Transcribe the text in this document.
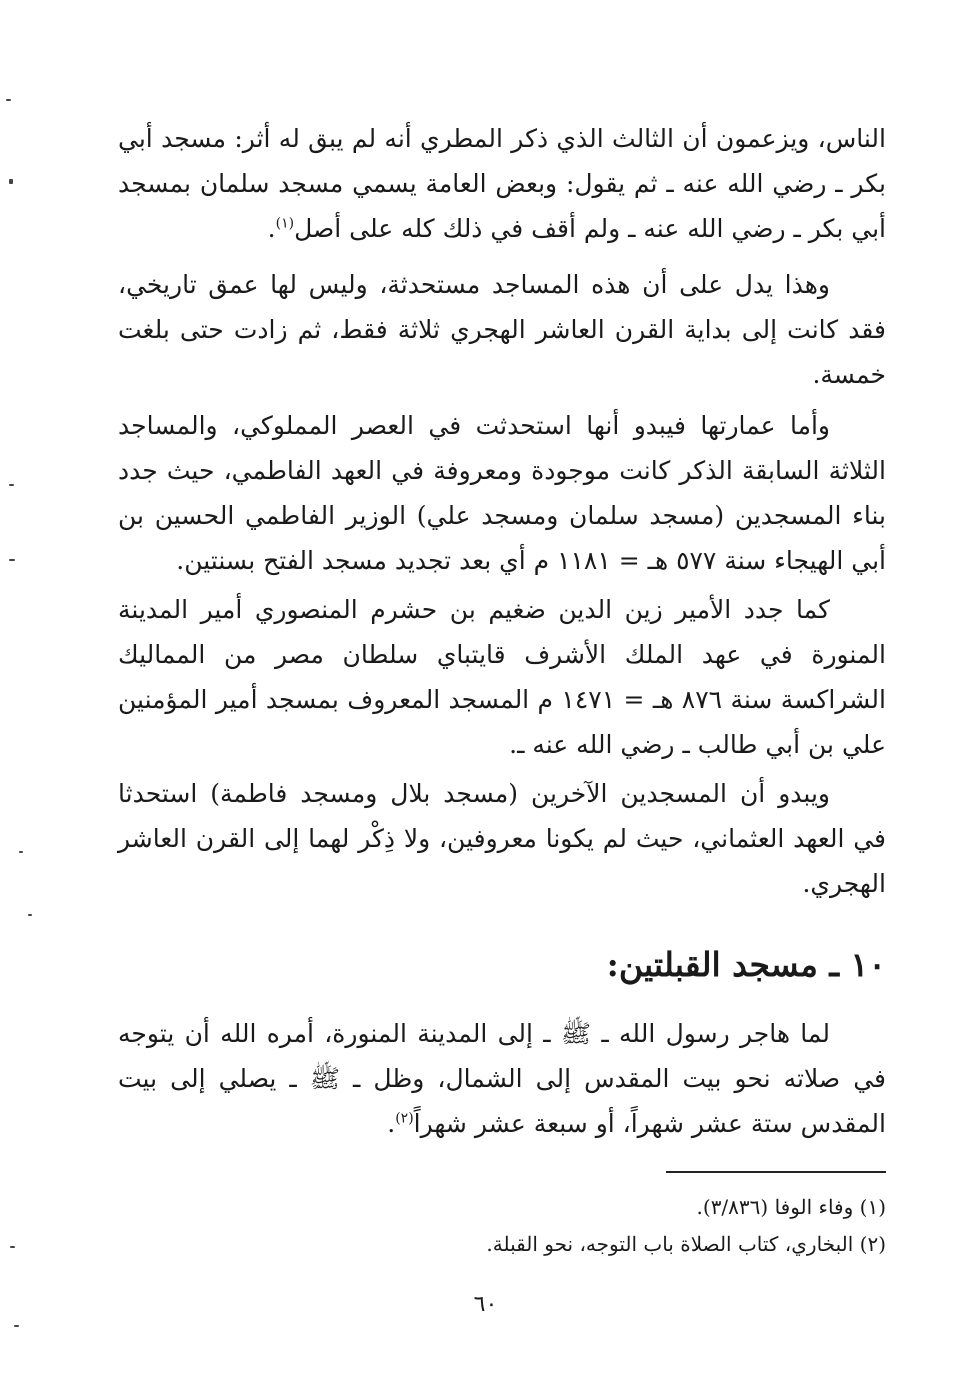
الناس، ويزعمون أن الثالث الذي ذكر المطري أنه لم يبق له أثر: مسجد أبي بكر ـ رضي الله عنه ـ ثم يقول: وبعض العامة يسمي مسجد سلمان بمسجد أبي بكر ـ رضي الله عنه ـ ولم أقف في ذلك كله على أصل$^{(١)}$.

وهذا يدل على أن هذه المساجد مستحدثة، وليس لها عمق تاريخي، فقد كانت إلى بداية القرن العاشر الهجري ثلاثة فقط، ثم زادت حتى بلغت خمسة.

وأما عمارتها فيبدو أنها استحدثت في العصر المملوكي، والمساجد الثلاثة السابقة الذكر كانت موجودة ومعروفة في العهد الفاطمي، حيث جدد بناء المسجدين (مسجد سلمان ومسجد علي) الوزير الفاطمي الحسين بن أبي الهيجاء سنة ٥٧٧ هـ = ١١٨١ م أي بعد تجديد مسجد الفتح بسنتين.

كما جدد الأمير زين الدين ضغيم بن حشرم المنصوري أمير المدينة المنورة في عهد الملك الأشرف قايتباي سلطان مصر من المماليك الشراكسة سنة ٨٧٦ هـ = ١٤٧١ م المسجد المعروف بمسجد أمير المؤمنين علي بن أبي طالب ـ رضي الله عنه ـ.

ويبدو أن المسجدين الآخرين (مسجد بلال ومسجد فاطمة) استحدثا في العهد العثماني، حيث لم يكونا معروفين، ولا ذِكْر لهما إلى القرن العاشر الهجري.

١٠ ـ مسجد القبلتين:

لما هاجر رسول الله ـ ﷺ ـ إلى المدينة المنورة، أمره الله أن يتوجه في صلاته نحو بيت المقدس إلى الشمال، وظل ـ ﷺ ـ يصلي إلى بيت المقدس ستة عشر شهراً، أو سبعة عشر شهراً$^{(٢)}$.

(١) وفاء الوفا (٣/٨٣٦).
(٢) البخاري، كتاب الصلاة باب التوجه، نحو القبلة.
٦٠
